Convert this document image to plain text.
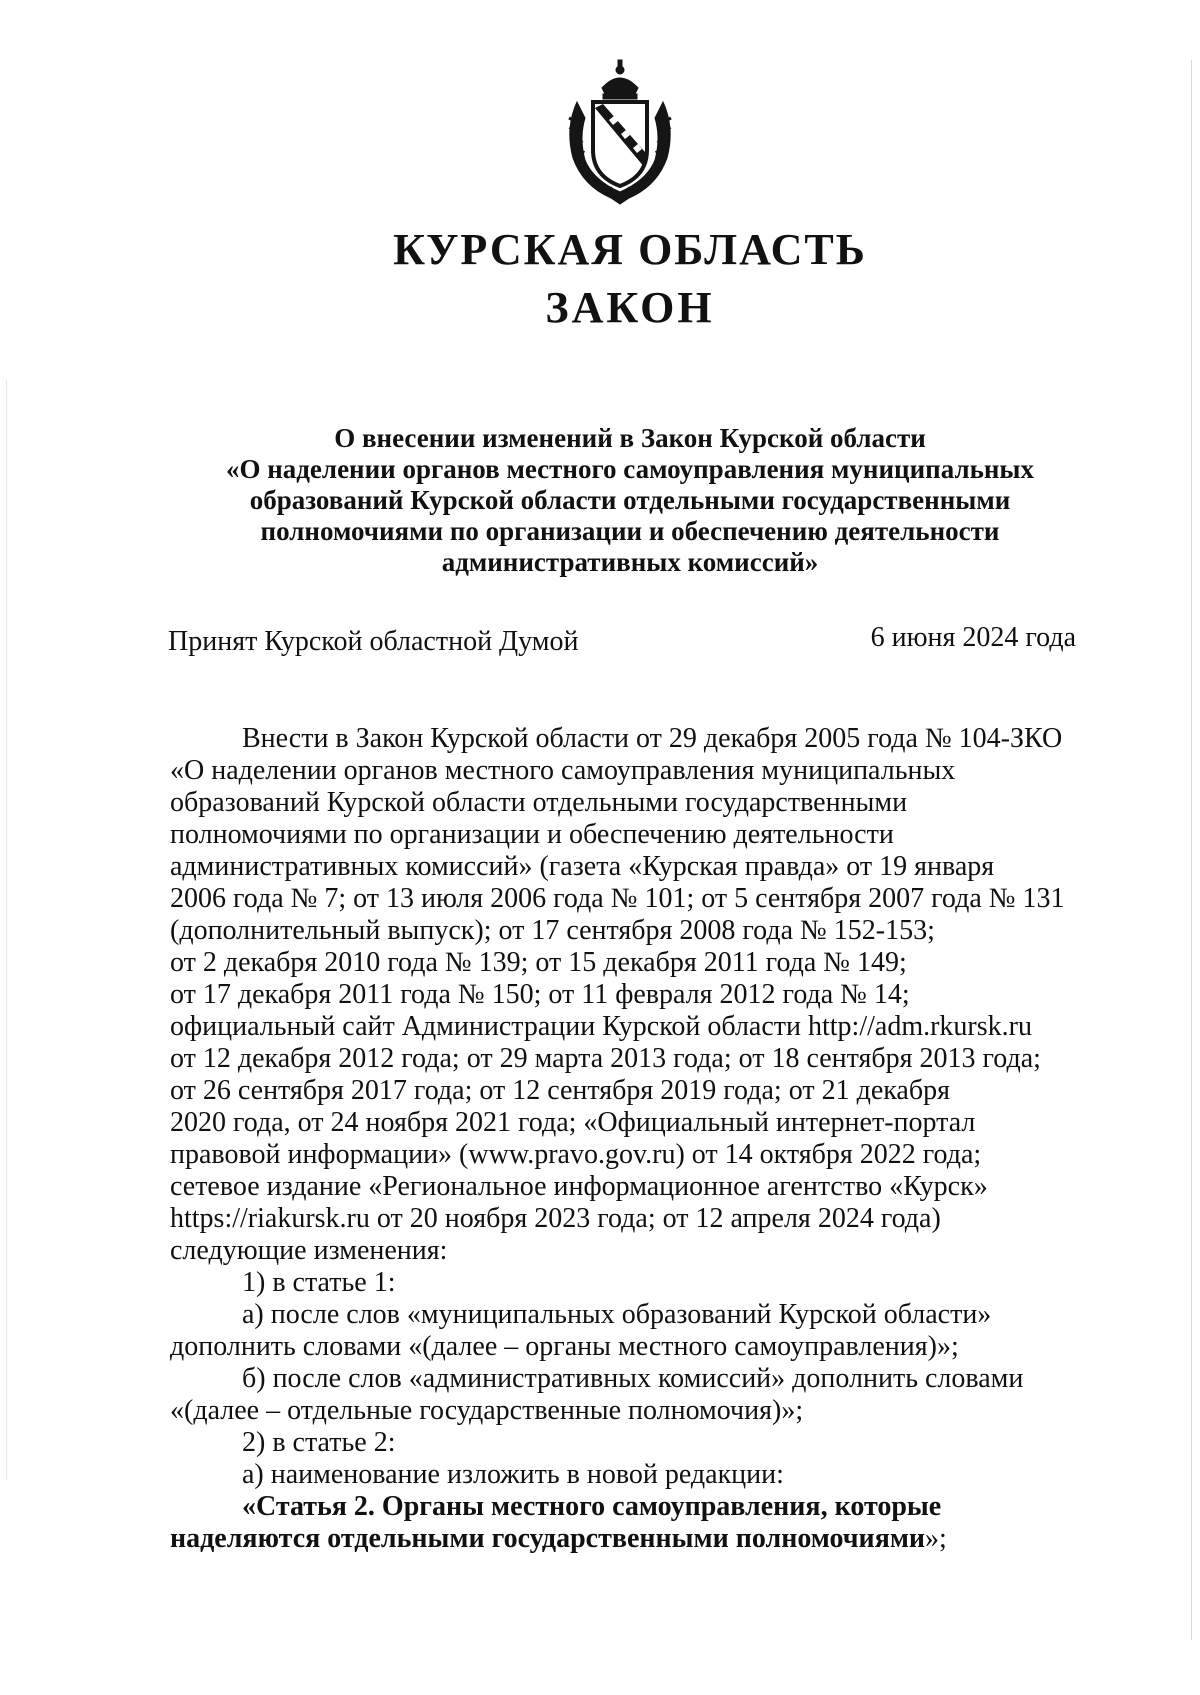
КУРСКАЯ ОБЛАСТЬ
ЗАКОН
О внесении изменений в Закон Курской области
«О наделении органов местного самоуправления муниципальных
образований Курской области отдельными государственными
полномочиями по организации и обеспечению деятельности
административных комиссий»
Принят Курской областной Думой	6 июня 2024 года
Внести в Закон Курской области от 29 декабря 2005 года № 104-ЗКО
«О наделении органов местного самоуправления муниципальных
образований Курской области отдельными государственными
полномочиями по организации и обеспечению деятельности
административных комиссий» (газета «Курская правда» от 19 января
2006 года № 7; от 13 июля 2006 года № 101; от 5 сентября 2007 года № 131
(дополнительный выпуск); от 17 сентября 2008 года № 152-153;
от 2 декабря 2010 года № 139; от 15 декабря 2011 года № 149;
от 17 декабря 2011 года № 150; от 11 февраля 2012 года № 14;
официальный сайт Администрации Курской области http://adm.rkursk.ru
от 12 декабря 2012 года; от 29 марта 2013 года; от 18 сентября 2013 года;
от 26 сентября 2017 года; от 12 сентября 2019 года; от 21 декабря
2020 года, от 24 ноября 2021 года; «Официальный интернет-портал
правовой информации» (www.pravo.gov.ru) от 14 октября 2022 года;
сетевое издание «Региональное информационное агентство «Курск»
https://riakursk.ru от 20 ноября 2023 года; от 12 апреля 2024 года)
следующие изменения:
1) в статье 1:
а) после слов «муниципальных образований Курской области»
дополнить словами «(далее – органы местного самоуправления)»;
б) после слов «административных комиссий» дополнить словами
«(далее – отдельные государственные полномочия)»;
2) в статье 2:
а) наименование изложить в новой редакции:
«Статья 2. Органы местного самоуправления, которые
наделяются отдельными государственными полномочиями»;
